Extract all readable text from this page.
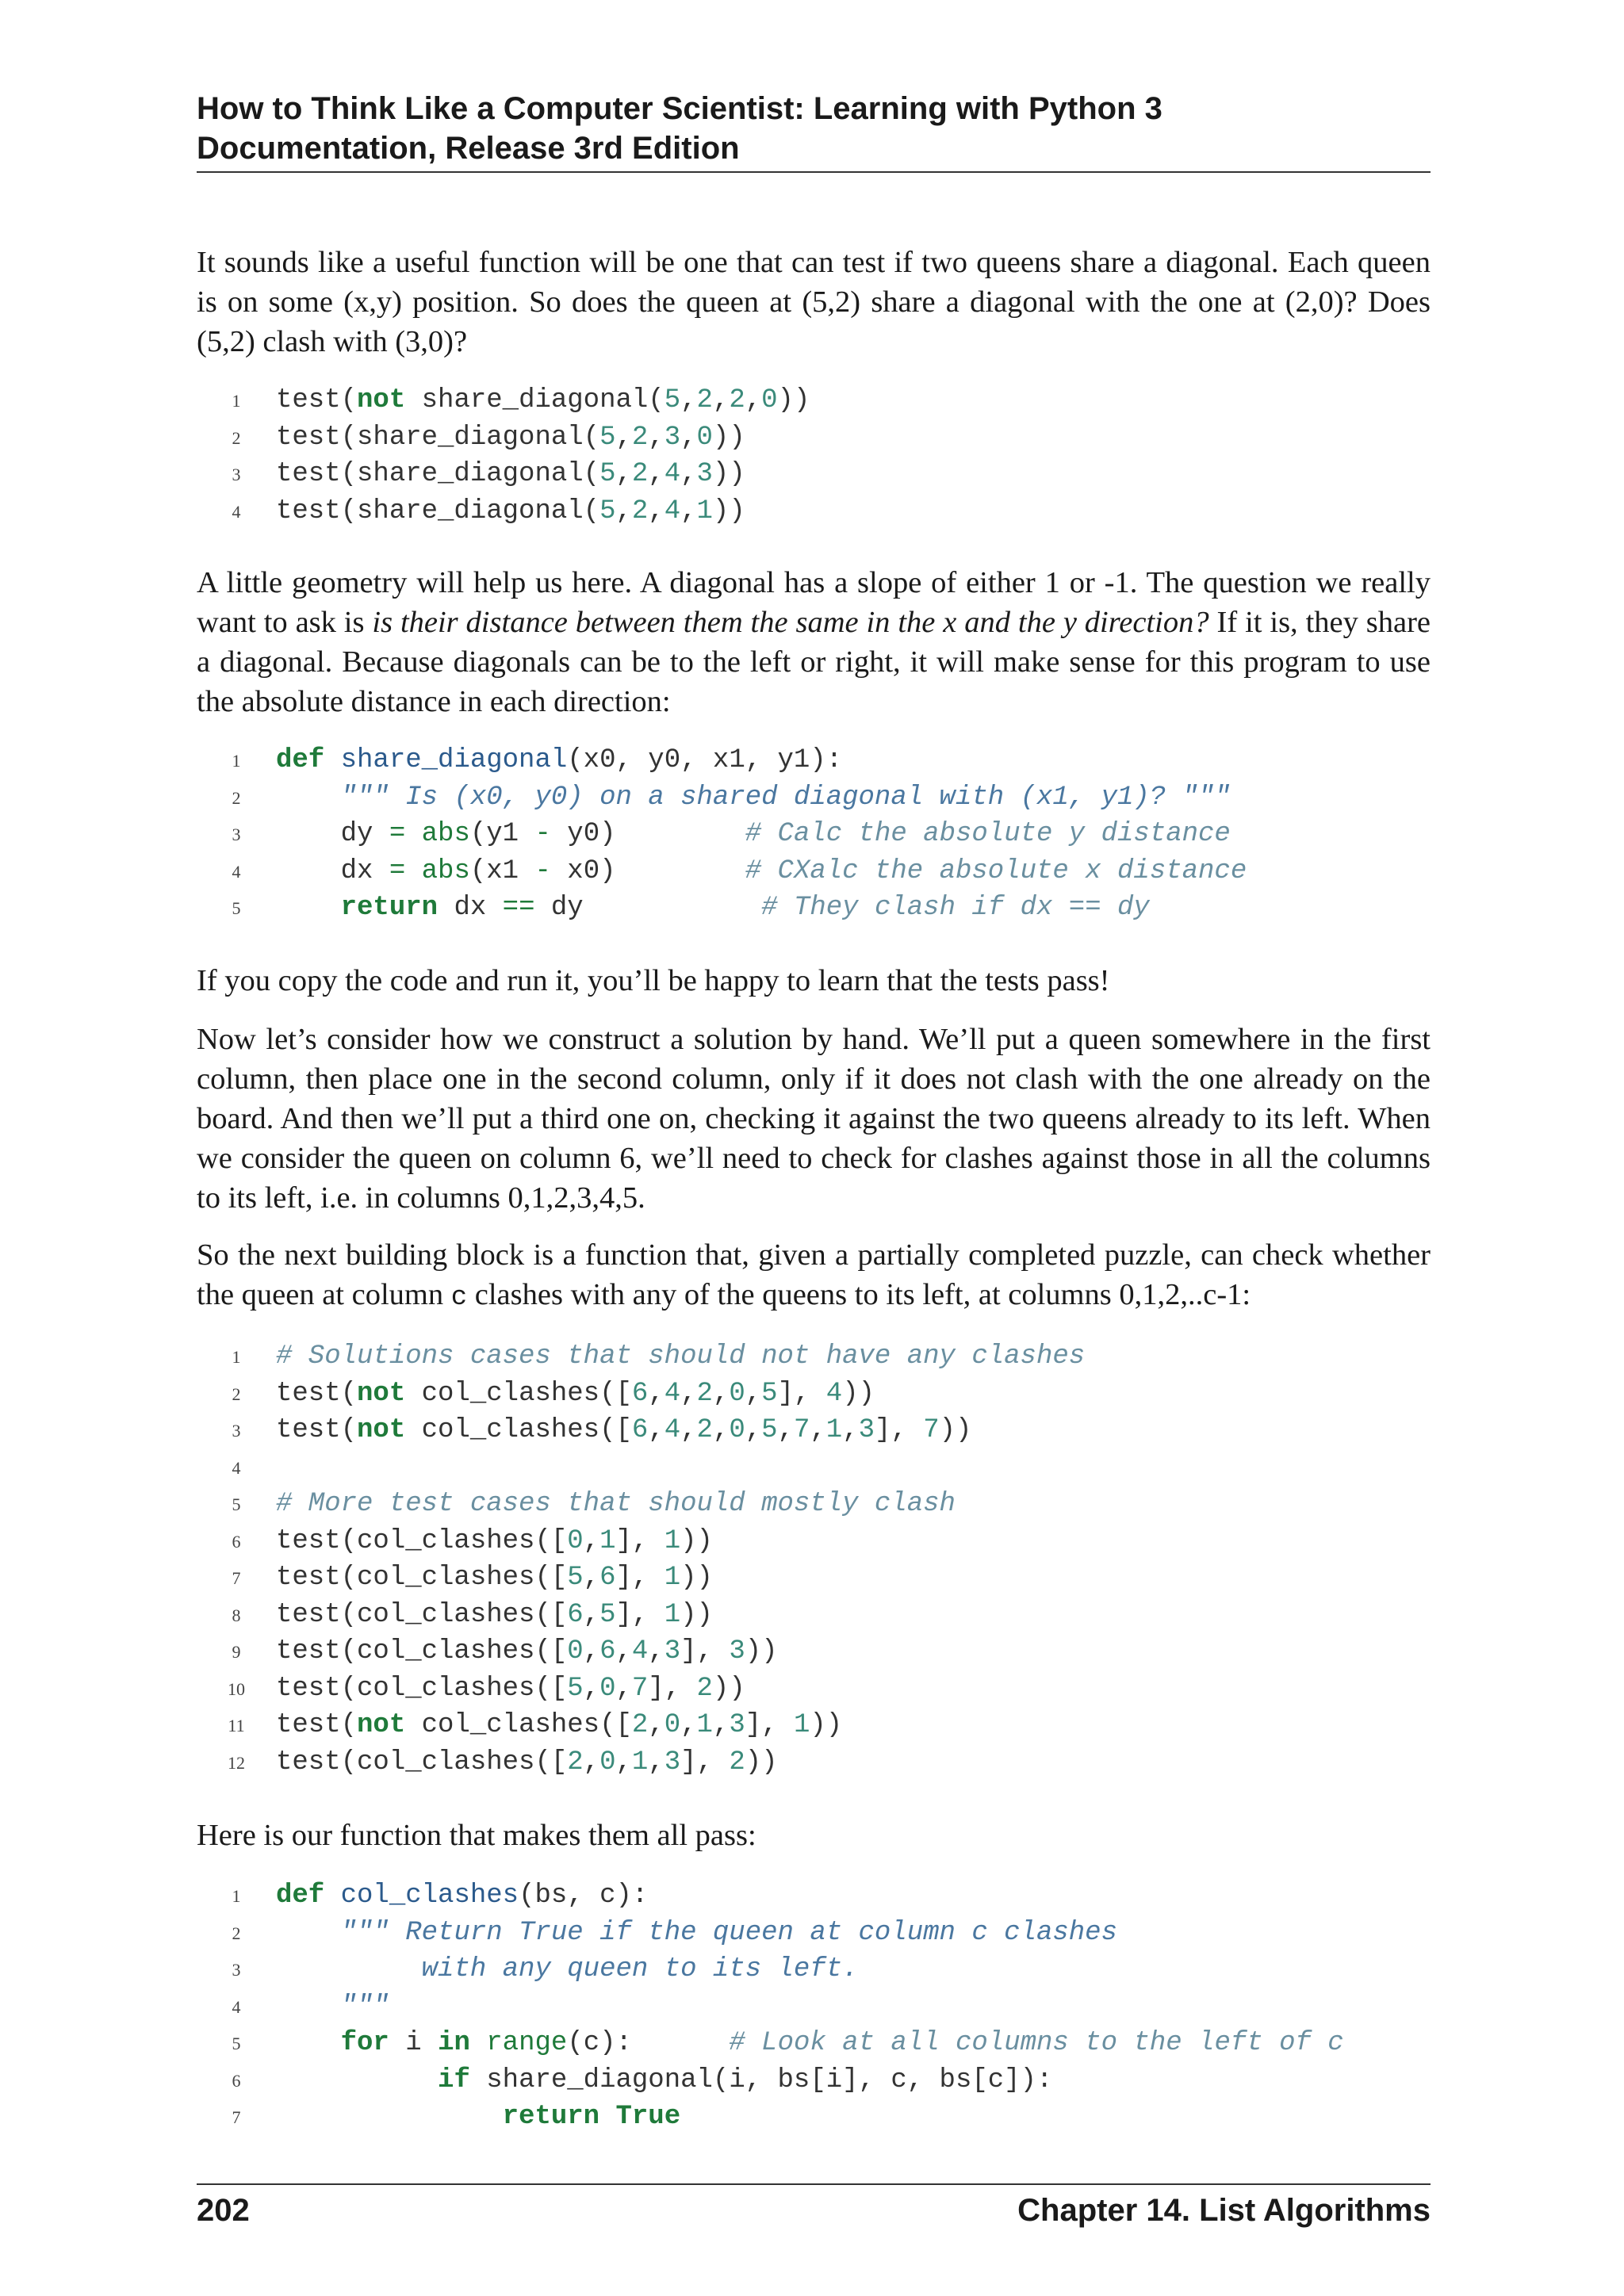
How to Think Like a Computer Scientist: Learning with Python 3
Documentation, Release 3rd Edition

It sounds like a useful function will be one that can test if two queens share a diagonal. Each queen is on some (x,y) position. So does the queen at (5,2) share a diagonal with the one at (2,0)? Does (5,2) clash with (3,0)?

1 test(not share_diagonal(5,2,2,0))
2 test(share_diagonal(5,2,3,0))
3 test(share_diagonal(5,2,4,3))
4 test(share_diagonal(5,2,4,1))

A little geometry will help us here. A diagonal has a slope of either 1 or -1. The question we really want to ask is is their distance between them the same in the x and the y direction? If it is, they share a diagonal. Because diagonals can be to the left or right, it will make sense for this program to use the absolute distance in each direction:

1 def share_diagonal(x0, y0, x1, y1):
2	""" Is (x0, y0) on a shared diagonal with (x1, y1)? """
3    dy = abs(y1 - y0)        # Calc the absolute y distance
4    dx = abs(x1 - x0)        # CXalc the absolute x distance
5	return dx == dy           # They clash if dx == dy

If you copy the code and run it, you’ll be happy to learn that the tests pass!

Now let’s consider how we construct a solution by hand. We’ll put a queen somewhere in the first column, then place one in the second column, only if it does not clash with the one already on the board. And then we’ll put a third one on, checking it against the two queens already to its left. When we consider the queen on column 6, we’ll need to check for clashes against those in all the columns to its left, i.e. in columns 0,1,2,3,4,5.

So the next building block is a function that, given a partially completed puzzle, can check whether the queen at column c clashes with any of the queens to its left, at columns 0,1,2,..c-1:

1 # Solutions cases that should not have any clashes
2 test(not col_clashes([6,4,2,0,5], 4))
3 test(not col_clashes([6,4,2,0,5,7,1,3], 7))
4
5 # More test cases that should mostly clash
6 test(col_clashes([0,1], 1))
7 test(col_clashes([5,6], 1))
8 test(col_clashes([6,5], 1))
9 test(col_clashes([0,6,4,3], 3))
10 test(col_clashes([5,0,7], 2))
11 test(not col_clashes([2,0,1,3], 1))
12 test(col_clashes([2,0,1,3], 2))

Here is our function that makes them all pass:

1 def col_clashes(bs, c):
2	""" Return True if the queen at column c clashes
3	with any queen to its left.
4	"""
5	for i in range(c):      # Look at all columns to the left of c
6	if share_diagonal(i, bs[i], c, bs[c]):
7	return True
202	Chapter 14. List Algorithms
